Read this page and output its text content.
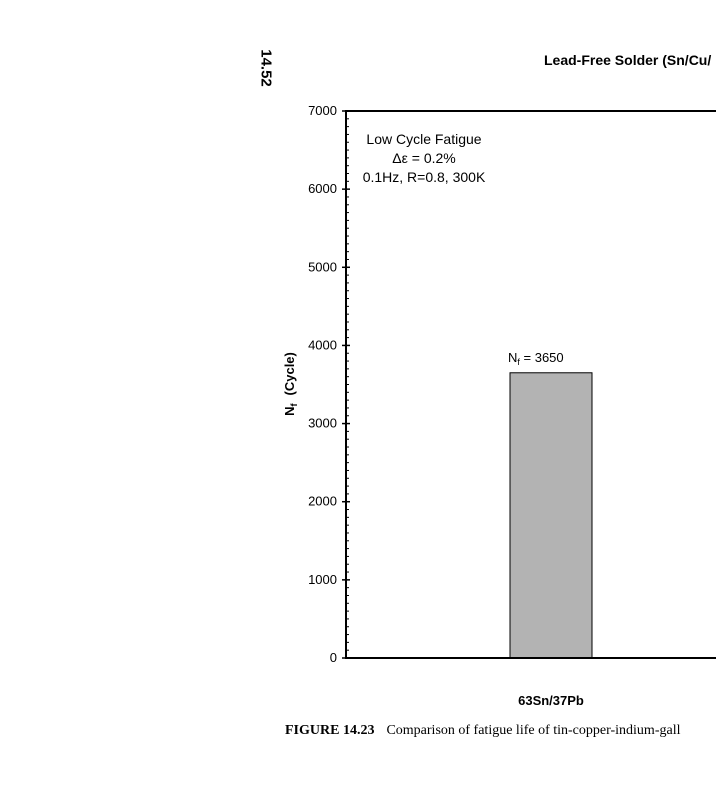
14.52	Lead-Free Solder (Sn/Cu/
$N_f(Cycle)$
0
1000
2000
3000
4000
5000
6000
7000
$N_f = 3650$
63Sn/37Pb
Low Cycle Fatigue
Δε = 0.2%
0.1Hz, R=0.8, 300K
FIGURE 14.23 Comparison of fatigue life of tin-copper-indium-gall
